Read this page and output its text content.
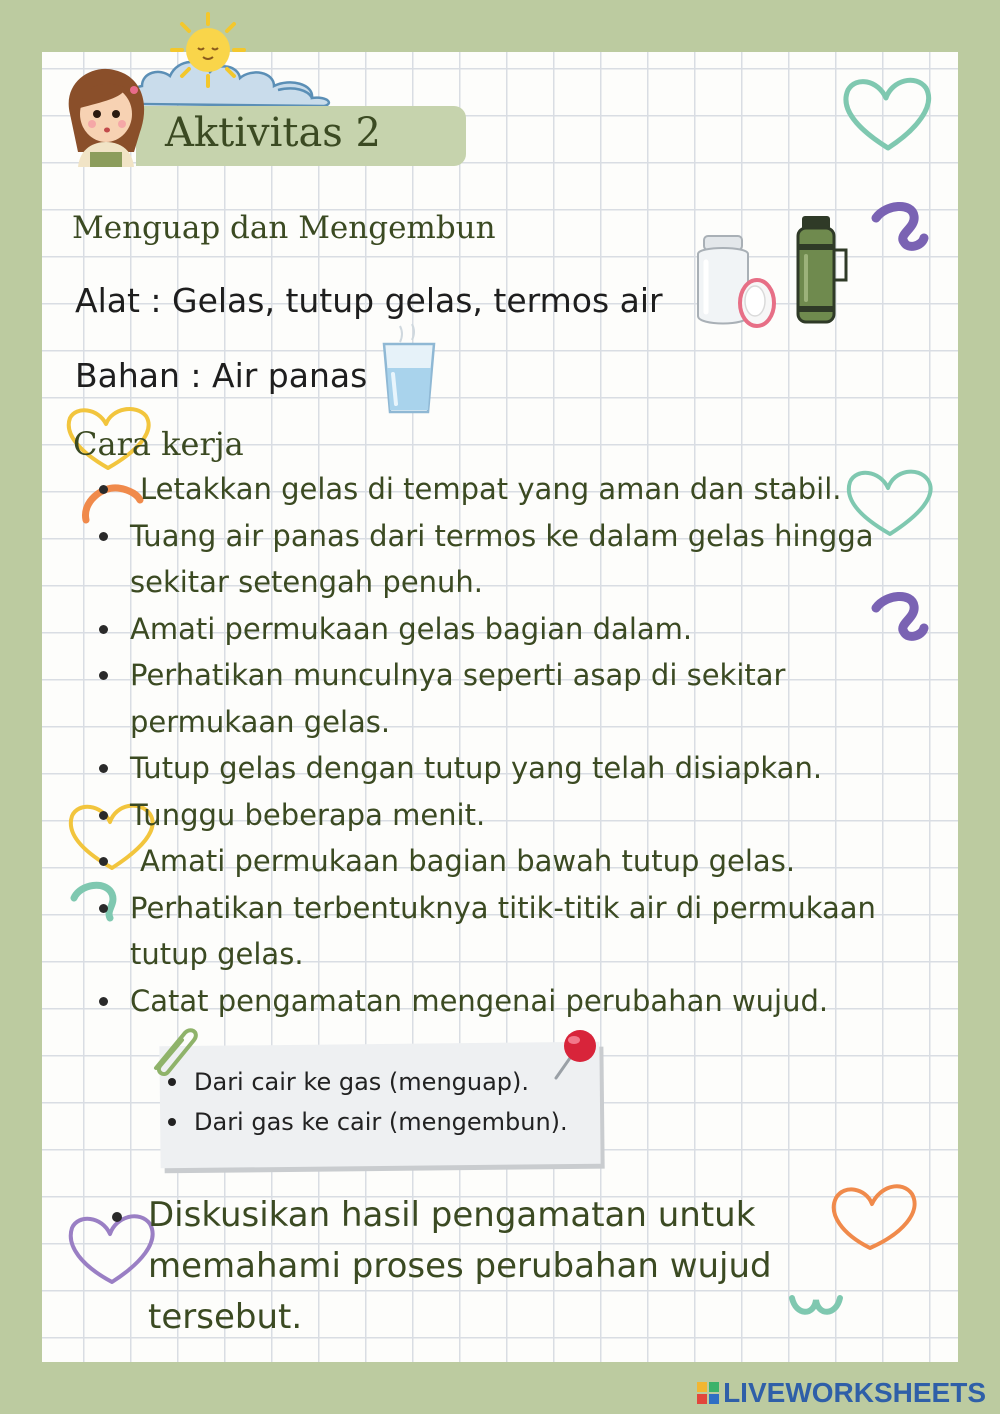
Aktivitas 2
Menguap dan Mengembun
Alat : Gelas, tutup gelas, termos air
Bahan : Air panas
Cara kerja
Letakkan gelas di tempat yang aman dan stabil.
Tuang air panas dari termos ke dalam gelas hingga sekitar setengah penuh.
Amati permukaan gelas bagian dalam.
Perhatikan munculnya seperti asap di sekitar permukaan gelas.
Tutup gelas dengan tutup yang telah disiapkan.
Tunggu beberapa menit.
Amati permukaan bagian bawah tutup gelas.
Perhatikan terbentuknya titik-titik air di permukaan tutup gelas.
Catat pengamatan mengenai perubahan wujud.
Dari cair ke gas (menguap).
Dari gas ke cair (mengembun).
Diskusikan hasil pengamatan untuk memahami proses perubahan wujud tersebut.
LIVEWORKSHEETS
